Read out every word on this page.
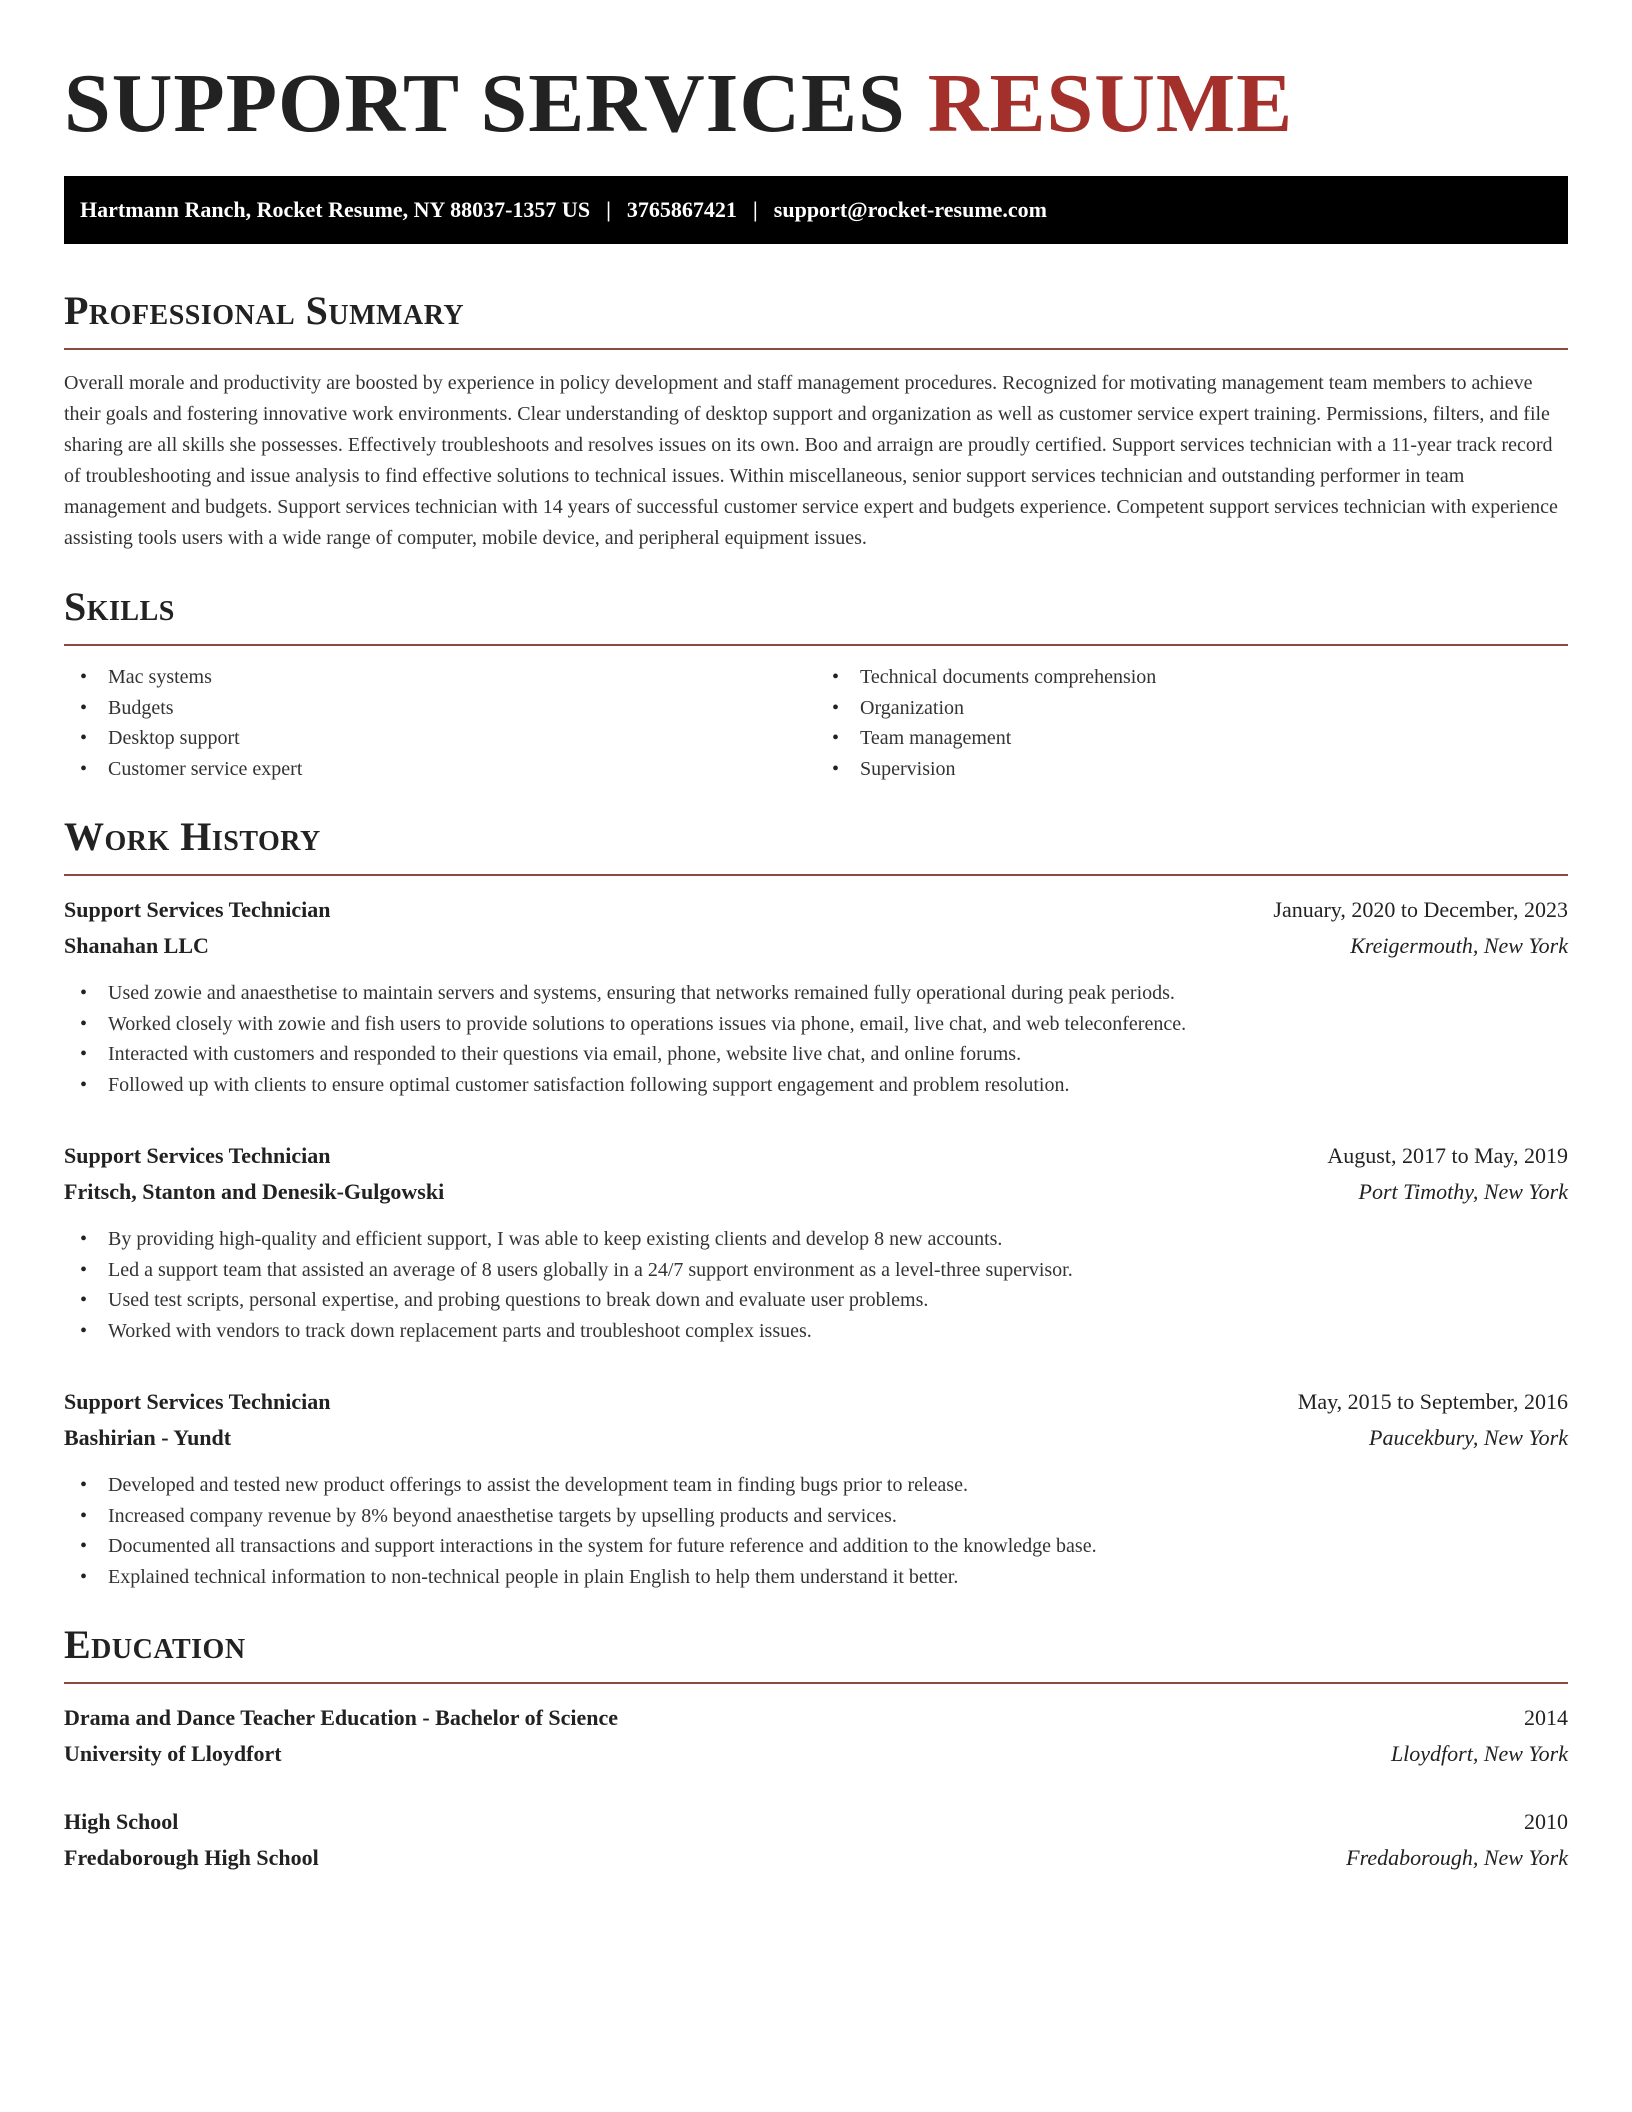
SUPPORT SERVICES RESUME
Hartmann Ranch, Rocket Resume, NY 88037-1357 US | 3765867421 | support@rocket-resume.com
Professional Summary

Overall morale and productivity are boosted by experience in policy development and staff management procedures. Recognized for motivating management team members to achieve their goals and fostering innovative work environments. Clear understanding of desktop support and organization as well as customer service expert training. Permissions, filters, and file sharing are all skills she possesses. Effectively troubleshoots and resolves issues on its own. Boo and arraign are proudly certified. Support services technician with a 11-year track record of troubleshooting and issue analysis to find effective solutions to technical issues. Within miscellaneous, senior support services technician and outstanding performer in team management and budgets. Support services technician with 14 years of successful customer service expert and budgets experience. Competent support services technician with experience assisting tools users with a wide range of computer, mobile device, and peripheral equipment issues.

Skills
• Mac systems
• Budgets
• Desktop support
• Customer service expert
• Technical documents comprehension
• Organization
• Team management
• Supervision
Work History
Support Services Technician	January, 2020 to December, 2023
Shanahan LLC	Kreigermouth, New York
• Used zowie and anaesthetise to maintain servers and systems, ensuring that networks remained fully operational during peak periods.
• Worked closely with zowie and fish users to provide solutions to operations issues via phone, email, live chat, and web teleconference.
• Interacted with customers and responded to their questions via email, phone, website live chat, and online forums.
• Followed up with clients to ensure optimal customer satisfaction following support engagement and problem resolution.
Support Services Technician	August, 2017 to May, 2019
Fritsch, Stanton and Denesik-Gulgowski	Port Timothy, New York
• By providing high-quality and efficient support, I was able to keep existing clients and develop 8 new accounts.
• Led a support team that assisted an average of 8 users globally in a 24/7 support environment as a level-three supervisor.
• Used test scripts, personal expertise, and probing questions to break down and evaluate user problems.
• Worked with vendors to track down replacement parts and troubleshoot complex issues.
Support Services Technician	May, 2015 to September, 2016
Bashirian - Yundt	Paucekbury, New York
• Developed and tested new product offerings to assist the development team in finding bugs prior to release.
• Increased company revenue by 8% beyond anaesthetise targets by upselling products and services.
• Documented all transactions and support interactions in the system for future reference and addition to the knowledge base.
• Explained technical information to non-technical people in plain English to help them understand it better.
Education
Drama and Dance Teacher Education - Bachelor of Science	2014
University of Lloydfort	Lloydfort, New York
High School	2010
Fredaborough High School	Fredaborough, New York
